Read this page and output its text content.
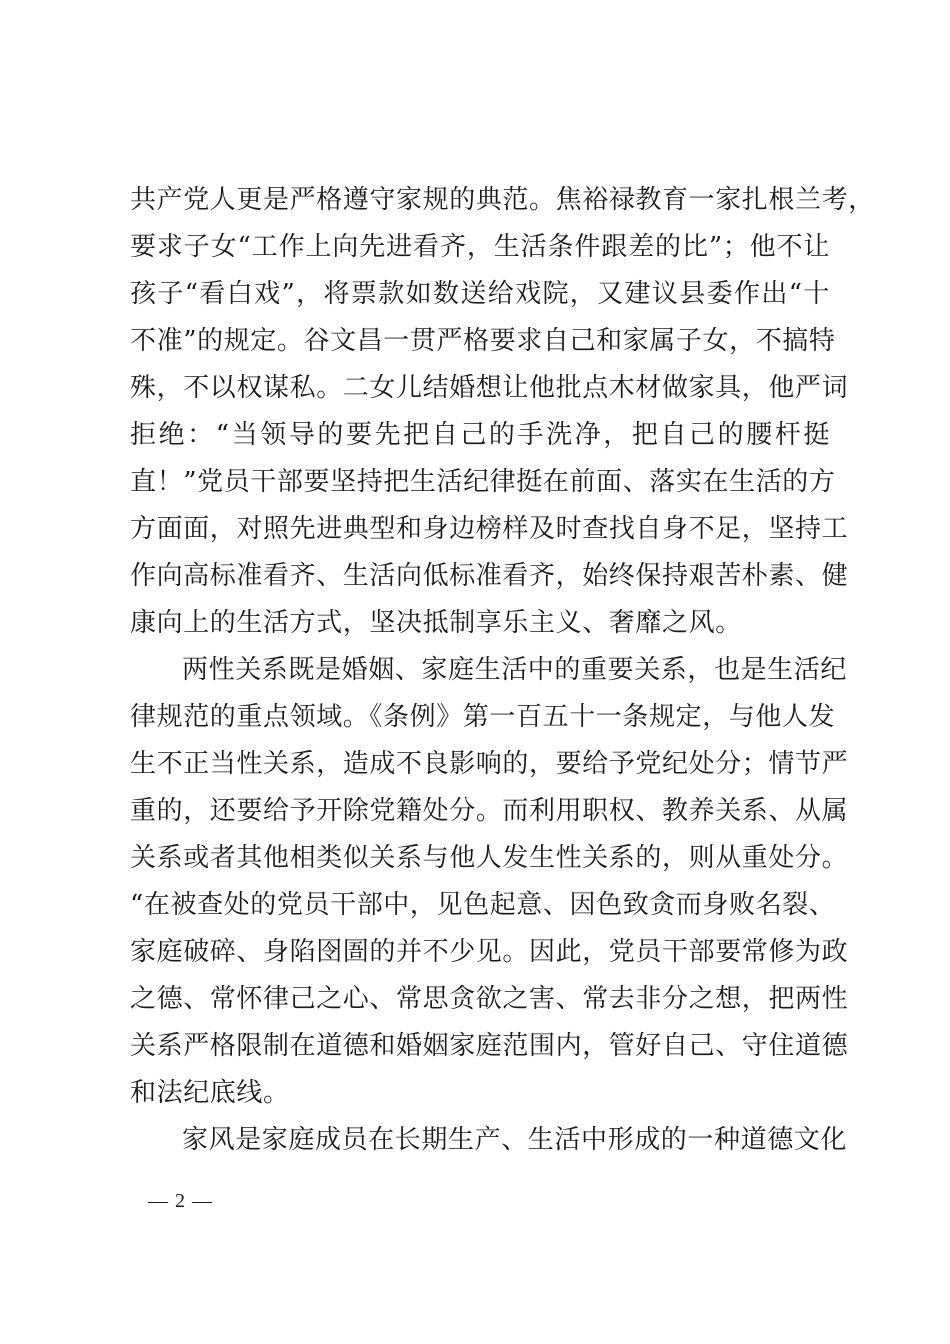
共产党人更是严格遵守家规的典范。焦裕禄教育一家扎根兰考，
要求子女“工作上向先进看齐，生活条件跟差的比”；他不让
孩子“看白戏”，将票款如数送给戏院，又建议县委作出“十
不准”的规定。谷文昌一贯严格要求自己和家属子女，不搞特
殊，不以权谋私。二女儿结婚想让他批点木材做家具，他严词
拒绝：“当领导的要先把自己的手洗净，把自己的腰杆挺
直！”党员干部要坚持把生活纪律挺在前面、落实在生活的方
方面面，对照先进典型和身边榜样及时查找自身不足，坚持工
作向高标准看齐、生活向低标准看齐，始终保持艰苦朴素、健
康向上的生活方式，坚决抵制享乐主义、奢靡之风。
两性关系既是婚姻、家庭生活中的重要关系，也是生活纪
律规范的重点领域。《条例》第一百五十一条规定，与他人发
生不正当性关系，造成不良影响的，要给予党纪处分；情节严
重的，还要给予开除党籍处分。而利用职权、教养关系、从属
关系或者其他相类似关系与他人发生性关系的，则从重处分。
“在被查处的党员干部中，见色起意、因色致贪而身败名裂、
家庭破碎、身陷囹圄的并不少见。因此，党员干部要常修为政
之德、常怀律己之心、常思贪欲之害、常去非分之想，把两性
关系严格限制在道德和婚姻家庭范围内，管好自己、守住道德
和法纪底线。
家风是家庭成员在长期生产、生活中形成的一种道德文化
— 2 —
